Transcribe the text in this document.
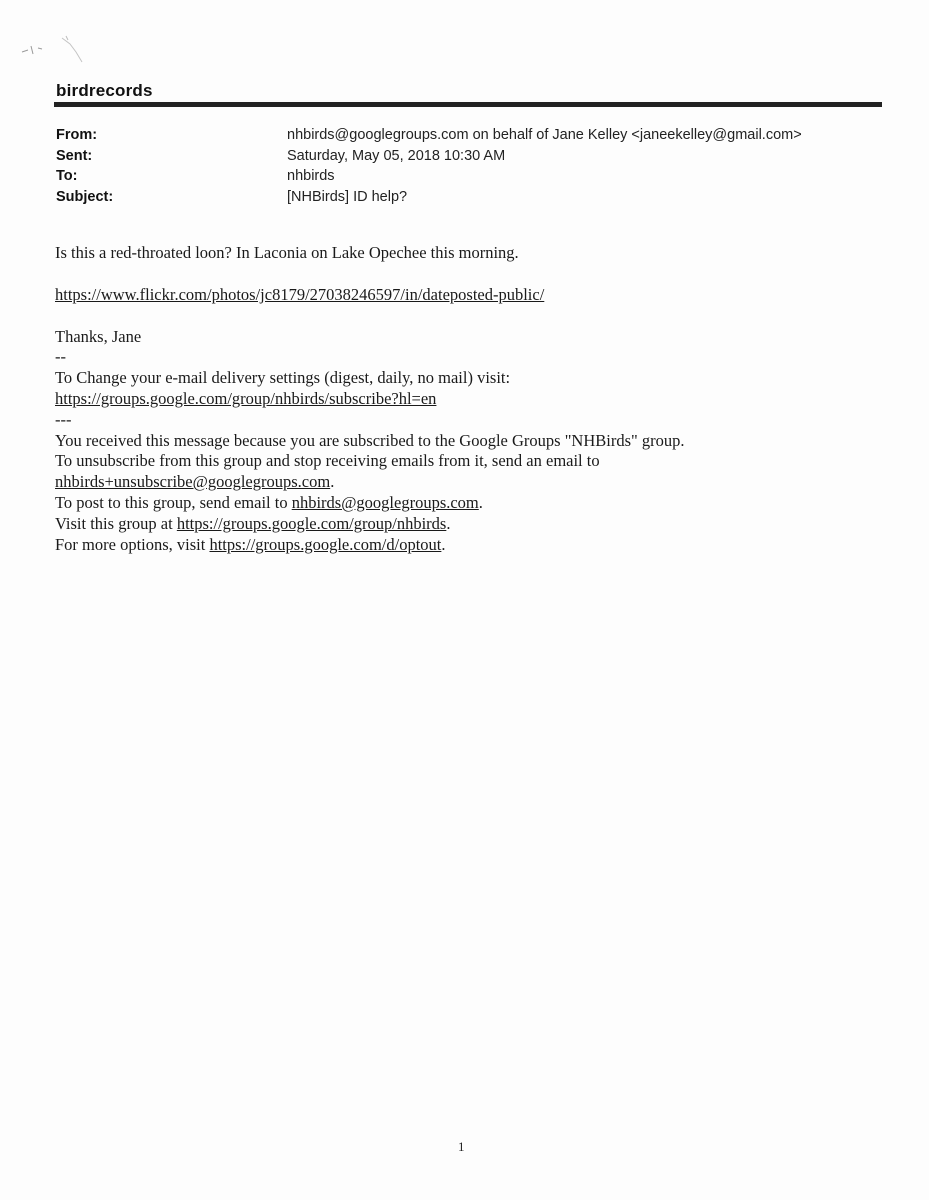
birdrecords
From:	nhbirds@googlegroups.com on behalf of Jane Kelley <janeekelley@gmail.com>
Sent:	Saturday, May 05, 2018 10:30 AM
To:	nhbirds
Subject:	[NHBirds] ID help?
Is this a red-throated loon? In Laconia on Lake Opechee this morning.
https://www.flickr.com/photos/jc8179/27038246597/in/dateposted-public/
Thanks, Jane
--
To Change your e-mail delivery settings (digest, daily, no mail) visit:
https://groups.google.com/group/nhbirds/subscribe?hl=en
---
You received this message because you are subscribed to the Google Groups "NHBirds" group.
To unsubscribe from this group and stop receiving emails from it, send an email to
nhbirds+unsubscribe@googlegroups.com.
To post to this group, send email to nhbirds@googlegroups.com.
Visit this group at https://groups.google.com/group/nhbirds.
For more options, visit https://groups.google.com/d/optout.
1
